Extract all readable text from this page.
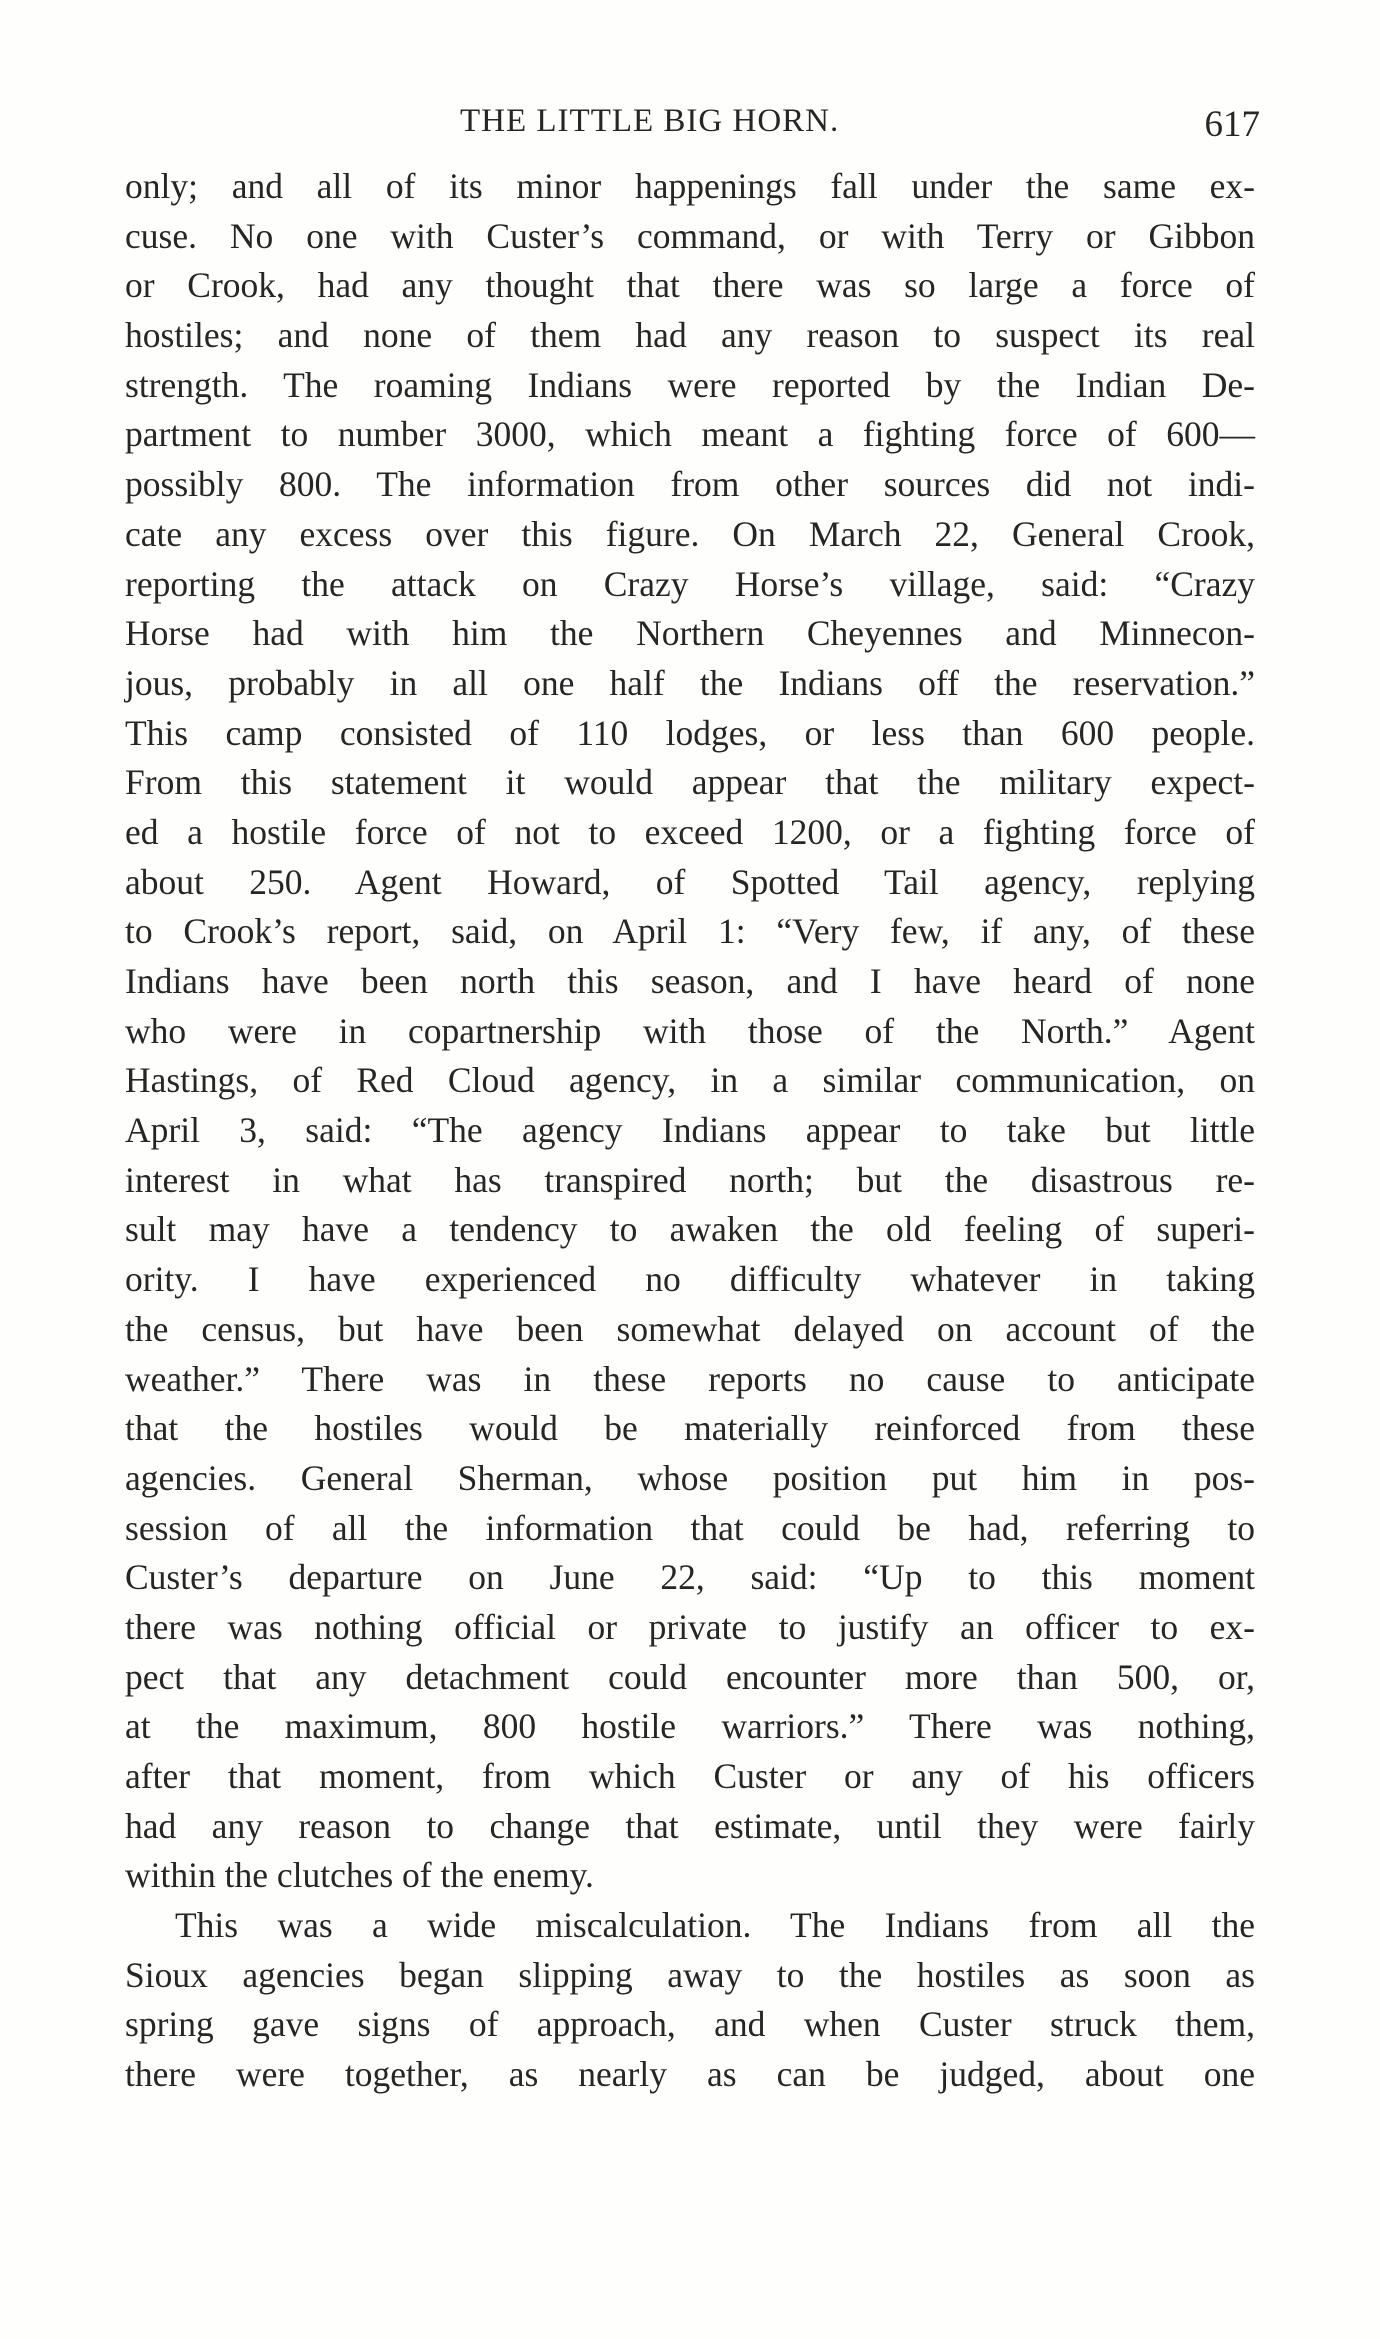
THE LITTLE BIG HORN.	617
only; and all of its minor happenings fall under the same ex-
cuse. No one with Custer’s command, or with Terry or Gibbon
or Crook, had any thought that there was so large a force of
hostiles; and none of them had any reason to suspect its real
strength. The roaming Indians were reported by the Indian De-
partment to number 3000, which meant a fighting force of 600—
possibly 800. The information from other sources did not indi-
cate any excess over this figure. On March 22, General Crook,
reporting the attack on Crazy Horse’s village, said: “Crazy
Horse had with him the Northern Cheyennes and Minnecon-
jous, probably in all one half the Indians off the reservation.”
This camp consisted of 110 lodges, or less than 600 people.
From this statement it would appear that the military expect-
ed a hostile force of not to exceed 1200, or a fighting force of
about 250. Agent Howard, of Spotted Tail agency, replying
to Crook’s report, said, on April 1: “Very few, if any, of these
Indians have been north this season, and I have heard of none
who were in copartnership with those of the North.” Agent
Hastings, of Red Cloud agency, in a similar communication, on
April 3, said: “The agency Indians appear to take but little
interest in what has transpired north; but the disastrous re-
sult may have a tendency to awaken the old feeling of superi-
ority. I have experienced no difficulty whatever in taking
the census, but have been somewhat delayed on account of the
weather.” There was in these reports no cause to anticipate
that the hostiles would be materially reinforced from these
agencies. General Sherman, whose position put him in pos-
session of all the information that could be had, referring to
Custer’s departure on June 22, said: “Up to this moment
there was nothing official or private to justify an officer to ex-
pect that any detachment could encounter more than 500, or,
at the maximum, 800 hostile warriors.” There was nothing,
after that moment, from which Custer or any of his officers
had any reason to change that estimate, until they were fairly
within the clutches of the enemy.
This was a wide miscalculation. The Indians from all the
Sioux agencies began slipping away to the hostiles as soon as
spring gave signs of approach, and when Custer struck them,
there were together, as nearly as can be judged, about one
